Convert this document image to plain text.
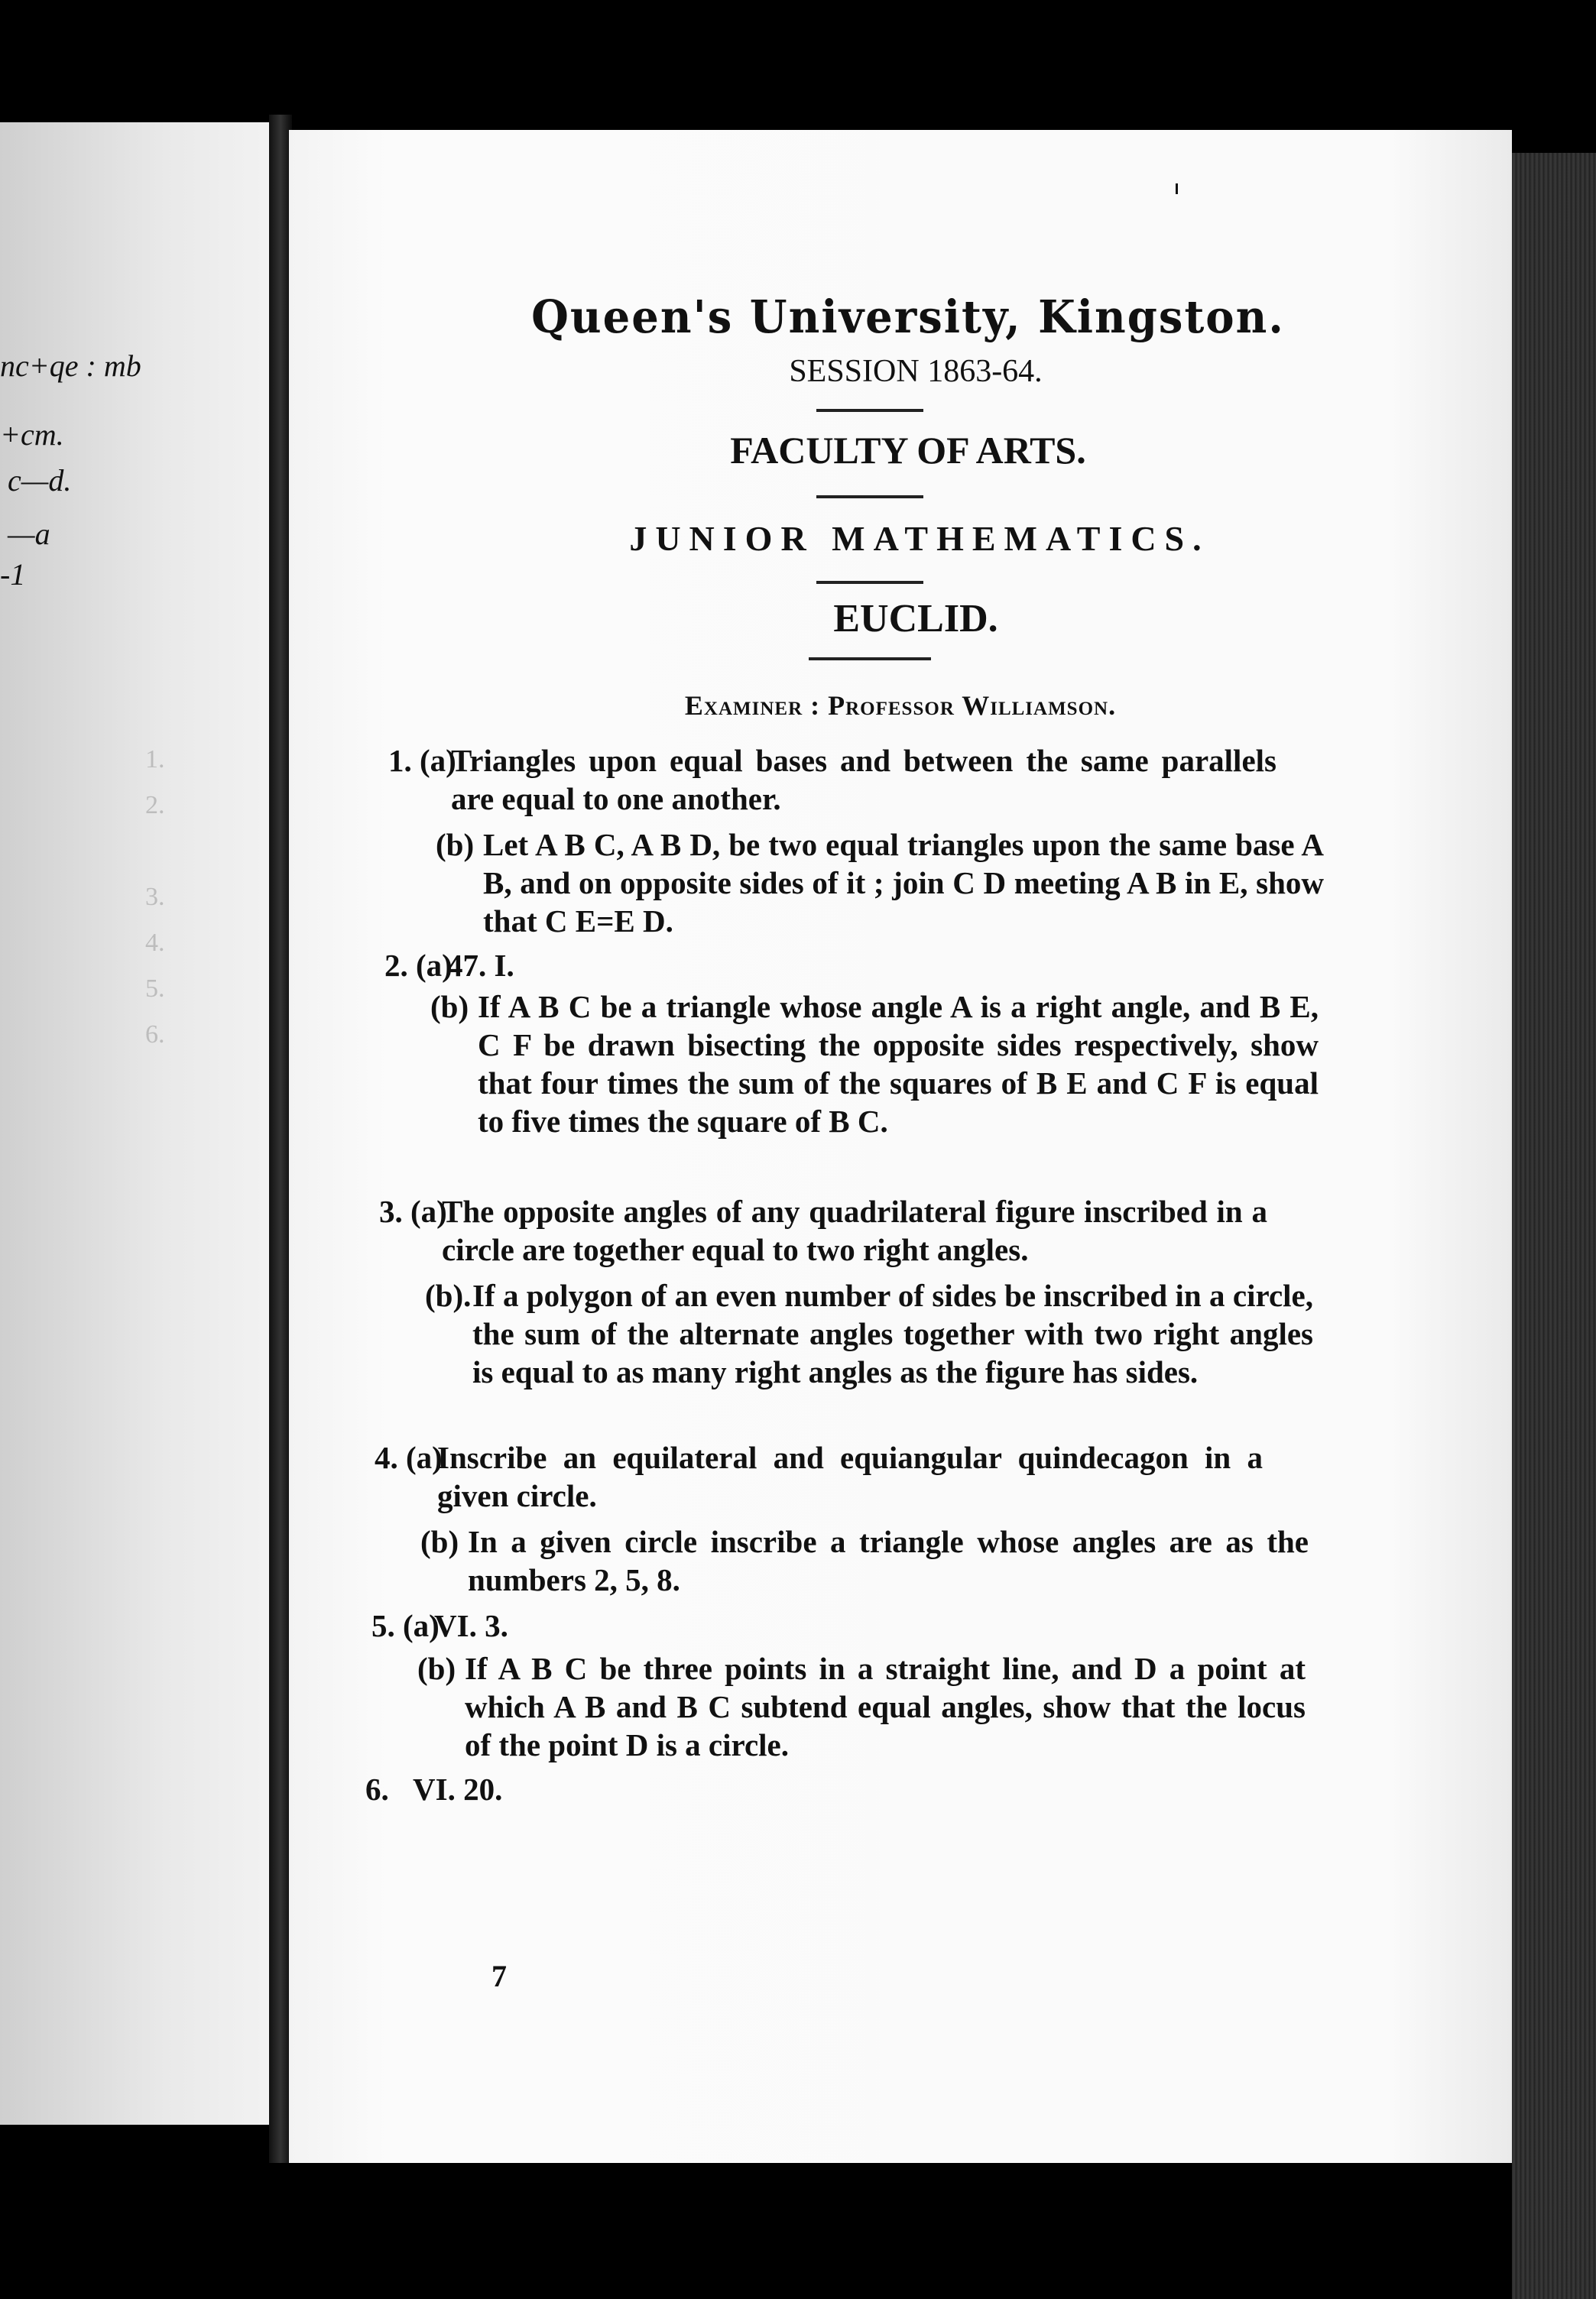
nc+qe : mb
+cm.
c—d.
—a
-1
1.
2.
3.
4.
5.
6.
Queen's University, Kingston.
SESSION 1863-64.
FACULTY OF ARTS.
JUNIOR MATHEMATICS.
EUCLID.
Examiner : Professor Williamson.
1. (a)
Triangles upon equal bases and between the same parallels are equal to one another.
(b) Let A B C, A B D, be two equal triangles upon the same base A B, and on opposite sides of it ; join C D meeting A B in E, show that C E=E D.
2. (a)
47. I.
(b) If A B C be a triangle whose angle A is a right angle, and B E, C F be drawn bisecting the opposite sides respectively, show that four times the sum of the squares of B E and C F is equal to five times the square of B C.
3. (a)
The opposite angles of any quadrilateral figure inscribed in a circle are together equal to two right angles.
(b). If a polygon of an even number of sides be inscribed in a circle, the sum of the alternate angles together with two right angles is equal to as many right angles as the figure has sides.
4. (a)
Inscribe an equilateral and equiangular quindecagon in a given circle.
(b) In a given circle inscribe a triangle whose angles are as the numbers 2, 5, 8.
5. (a)
VI. 3.
(b) If A B C be three points in a straight line, and D a point at which A B and B C subtend equal angles, show that the locus of the point D is a circle.
6. VI. 20.
7
